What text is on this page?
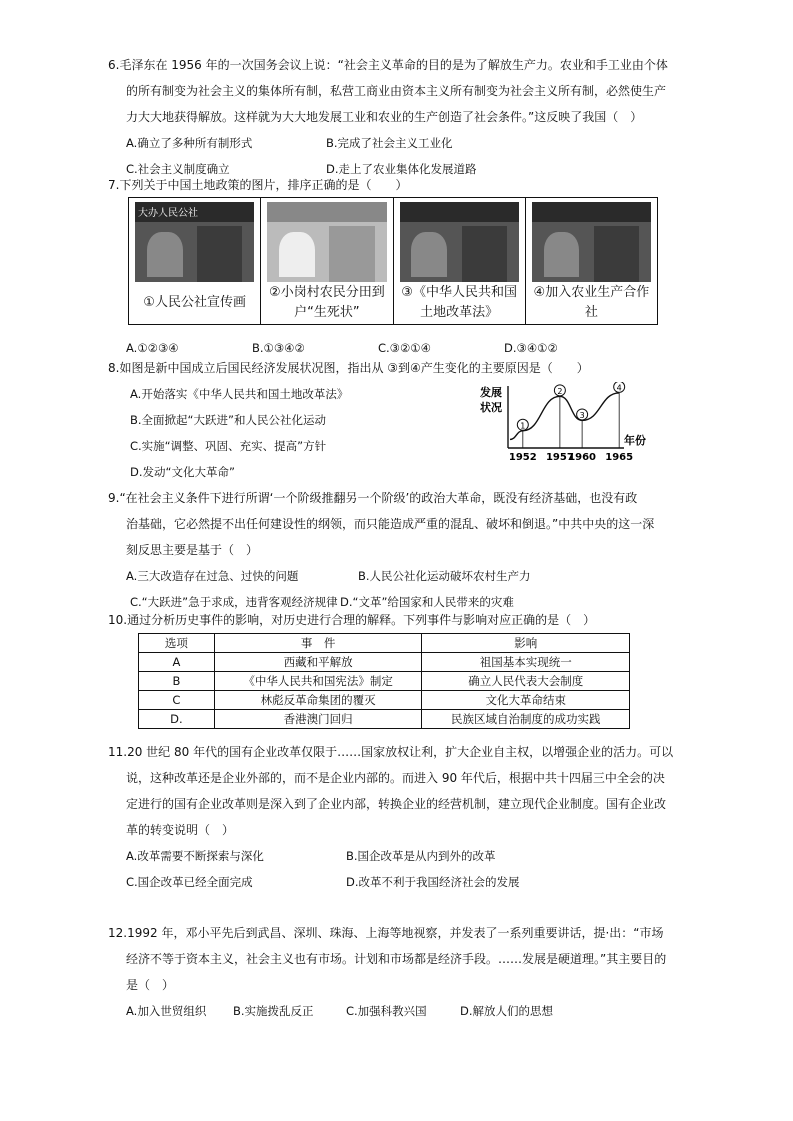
6.毛泽东在 1956 年的一次国务会议上说：“社会主义革命的目的是为了解放生产力。农业和手工业由个体
的所有制变为社会主义的集体所有制，私营工商业由资本主义所有制变为社会主义所有制，必然使生产
力大大地获得解放。这样就为大大地发展工业和农业的生产创造了社会条件。”这反映了我国（　）
A.确立了多种所有制形式	B.完成了社会主义工业化
C.社会主义制度确立	D.走上了农业集体化发展道路
7.下列关于中国土地政策的图片，排序正确的是（　　）
大办人民公社
①人民公社宣传画
②小岗村农民分田到户“生死状”
③《中华人民共和国土地改革法》
④加入农业生产合作社
A.①②③④	B.①③④②	C.③②①④	D.③④①②
8.如图是新中国成立后国民经济发展状况图，指出从 ③到④产生变化的主要原因是（　　）
A.开始落实《中华人民共和国土地改革法》
B.全面掀起“大跃进”和人民公社化运动
C.实施“调整、巩固、充实、提高”方针
D.发动“文化大革命”
发展
状况
年份
1
1952
2
1957
3
1960
4
1965
9.“在社会主义条件下进行所谓‘一个阶级推翻另一个阶级’的政治大革命，既没有经济基础，也没有政
治基础，它必然提不出任何建设性的纲领，而只能造成严重的混乱、破坏和倒退。”中共中央的这一深
刻反思主要是基于（　）
A.三大改造存在过急、过快的问题	B.人民公社化运动破坏农村生产力
C.“大跃进”急于求成，违背客观经济规律 D.“文革”给国家和人民带来的灾难
10.通过分析历史事件的影响，对历史进行合理的解释。下列事件与影响对应正确的是（　）
选项	事　件	影响
A	西藏和平解放	祖国基本实现统一
B	《中华人民共和国宪法》制定	确立人民代表大会制度
C	林彪反革命集团的覆灭	文化大革命结束
D.	香港澳门回归	民族区域自治制度的成功实践
11.20 世纪 80 年代的国有企业改革仅限于……国家放权让利，扩大企业自主权，以增强企业的活力。可以
说，这种改革还是企业外部的，而不是企业内部的。而进入 90 年代后，根据中共十四届三中全会的决
定进行的国有企业改革则是深入到了企业内部，转换企业的经营机制，建立现代企业制度。国有企业改
革的转变说明（　）
A.改革需要不断探索与深化	B.国企改革是从内到外的改革
C.国企改革已经全面完成	D.改革不利于我国经济社会的发展
12.1992 年，邓小平先后到武昌、深圳、珠海、上海等地视察，并发表了一系列重要讲话，提·出：“市场
经济不等于资本主义，社会主义也有市场。计划和市场都是经济手段。……发展是硬道理。”其主要目的
是（　）
A.加入世贸组织 B.实施拨乱反正	C.加强科教兴国	D.解放人们的思想
